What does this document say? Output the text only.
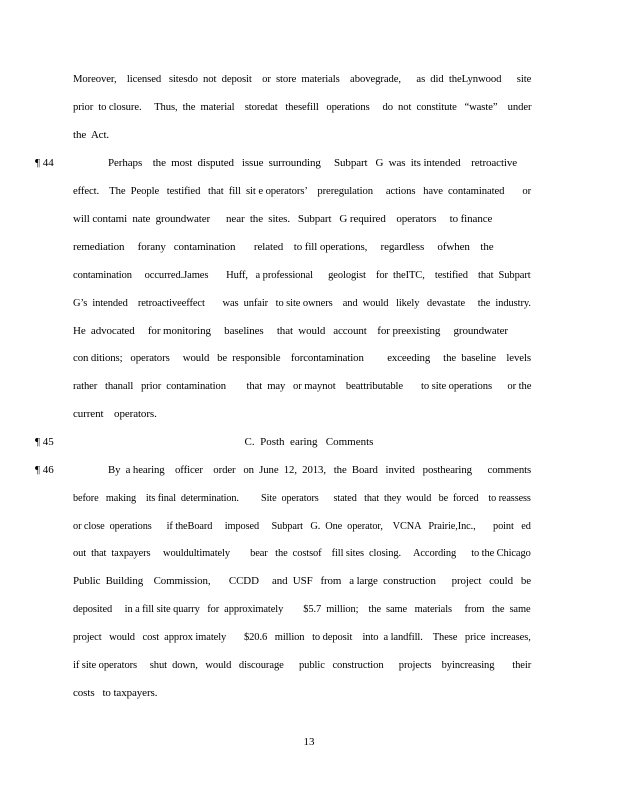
Moreover,    licensed   sitesdo  not  deposit    or  store  materials    abovegrade,      as  did  theLynwood      site
prior  to closure.     Thus,  the  material    storedat   thesefill   operations     do  not  constitute   “waste”    under
the  Act.
¶ 44	Perhaps    the  most  disputed   issue  surrounding     Subpart   G  was  its intended    retroactive
effect.    The  People   testified   that  fill  sit e operators’    preregulation     actions   have  contaminated       or
will contami  nate  groundwater      near  the  sites.   Subpart   G required    operators     to finance
remediation     forany   contamination       related    to fill operations,     regardless     ofwhen    the
contamination     occurred.James       Huff,   a professional      geologist    for  theITC,    testified    that  Subpart
G’s  intended    retroactiveeffect       was  unfair   to site owners    and  would   likely   devastate     the  industry.
He  advocated     for monitoring     baselines     that  would   account    for preexisting     groundwater
con ditions;   operators     would   be  responsible    forcontamination         exceeding     the  baseline    levels
rather   thanall   prior  contamination        that  may   or maynot    beattributable       to site operations      or the
current    operators.
¶ 45	C.  Posth  earing   Comments
¶ 46	By  a hearing    officer    order   on  June  12,  2013,   the  Board   invited   posthearing      comments
before   making    its final  determination.         Site  operators      stated   that  they  would   be  forced    to reassess
or close  operations      if theBoard     imposed     Subpart   G.  One  operator,    VCNA   Prairie,Inc.,       point   ed
out  that  taxpayers     wouldultimately        bear   the  costsof    fill sites  closing.     According      to the Chicago
Public  Building    Commission,       CCDD     and  USF   from   a large  construction      project   could   be
deposited     in a fill site quarry   for  approximately        $5.7  million;    the  same   materials     from   the  same
project   would   cost  approx imately       $20.6   million   to deposit    into  a landfill.    These   price  increases,
if site operators     shut  down,   would   discourage      public   construction      projects    byincreasing       their
costs   to taxpayers.
13
